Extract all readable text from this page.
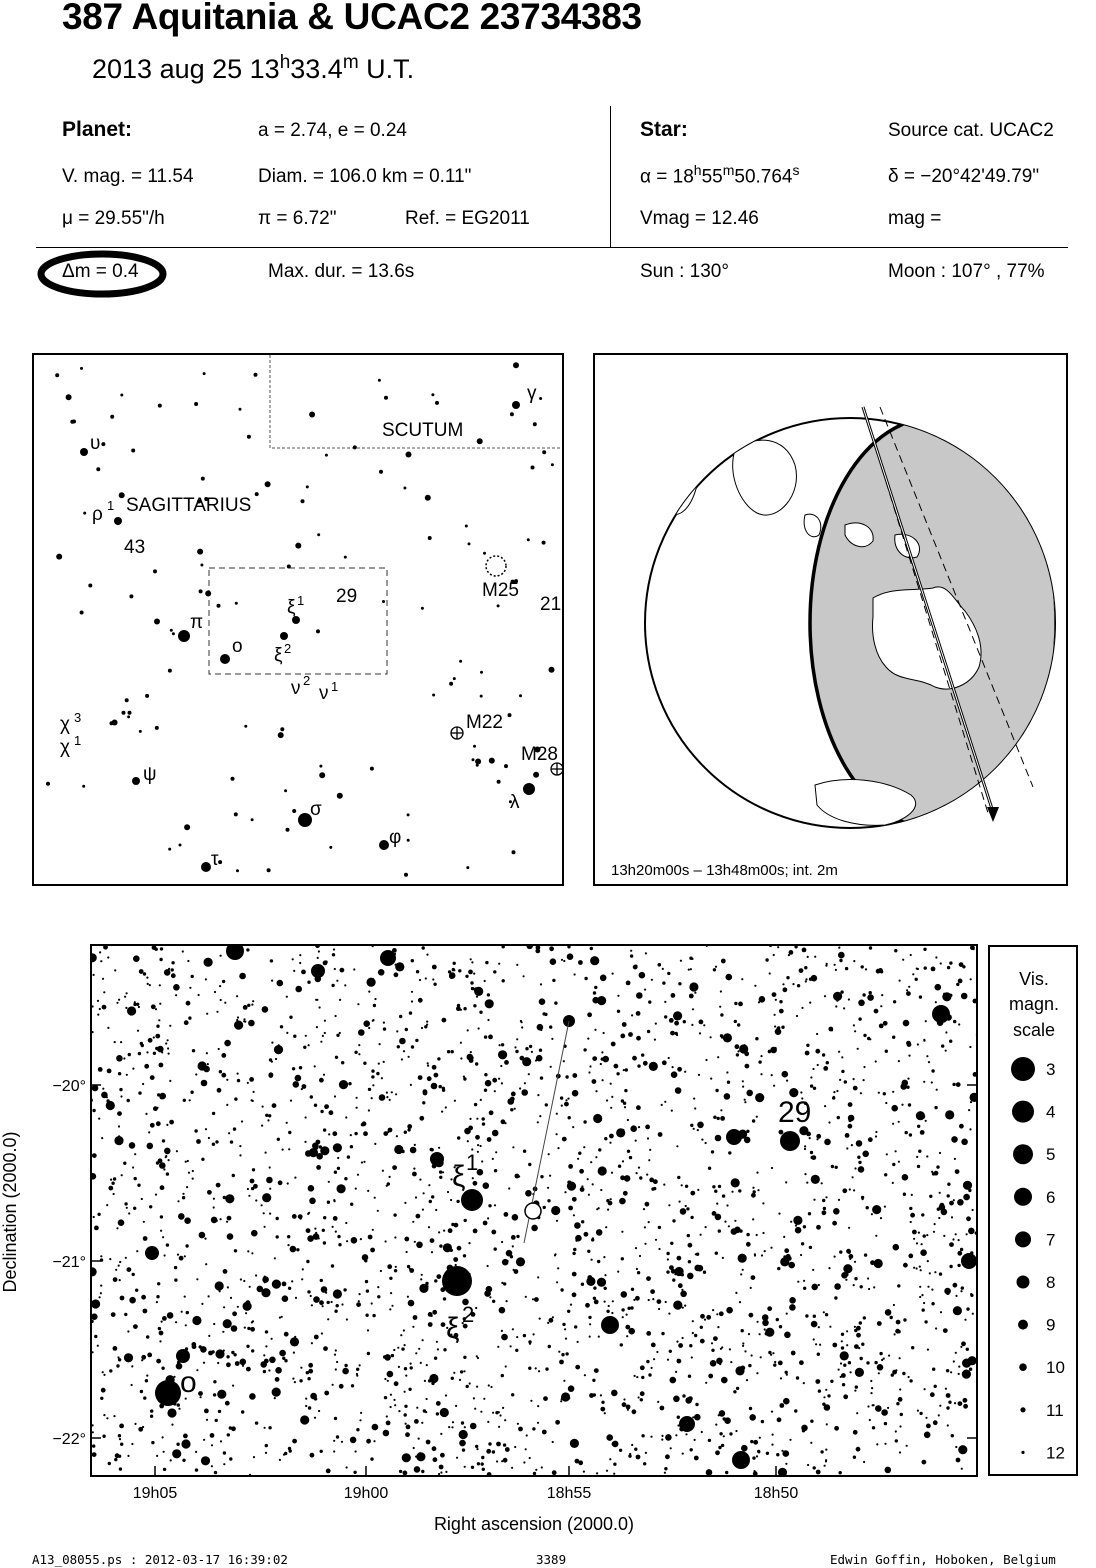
387 Aquitania & UCAC2 23734383
2013 aug 25 13$^h$33.4$^m$ U.T.
Planet:	a = 2.74, e = 0.24
V. mag. = 11.54	Diam. = 106.0 km = 0.11"
μ = 29.55"/h	π = 6.72"	Ref. = EG2011
Star:	Source cat. UCAC2
$\alpha = 18^h55^m50.764^s$	δ = −20°42'49.79"
Vmag = 12.46	mag =
Δm = 0.4	Max. dur. = 13.6s	Sun : 130°	Moon : 107° , 77%
SCUTUM
SAGITTARIUS
γ
υ
ρ 1
43
π
ο
ξ 1
ξ 2
29	M25
21
ν 2
ν 1
M22
M28
χ 3
χ 1
ψ
λ
σ
φ
τ
13h20m00s – 13h48m00s; int. 2m
−20°
−21°
−22°
19h05	19h00	18h55	18h50
Right ascension (2000.0)
Declination (2000.0)
29
ξ 1
ξ 2
ο
Vis.
magn.
scale
3
4
5
6
7
8
9
10
11
12
A13_08055.ps : 2012-03-17 16:39:02	3389	Edwin Goffin, Hoboken, Belgium
